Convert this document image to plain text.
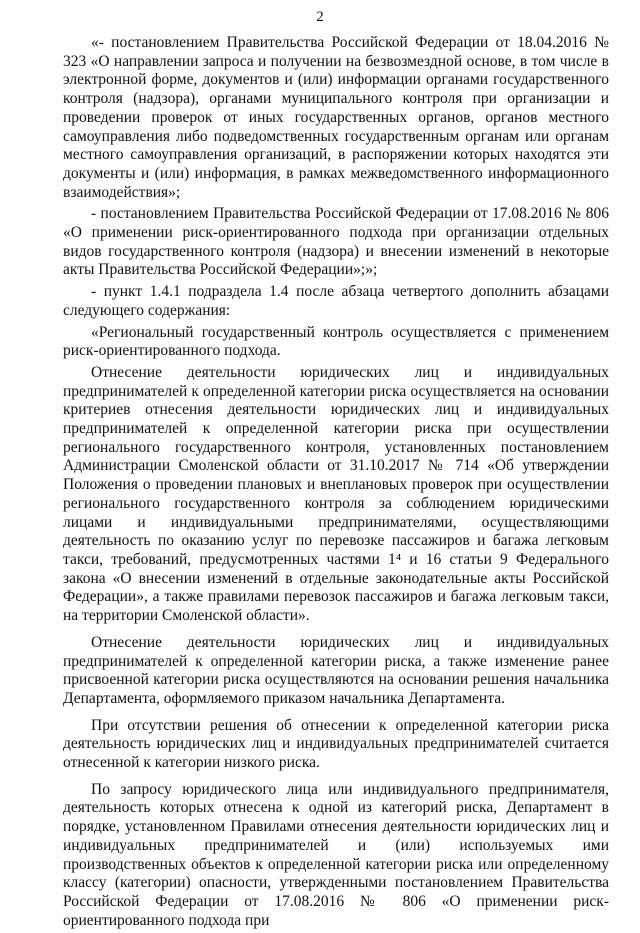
2

«- постановлением Правительства Российской Федерации от 18.04.2016 № 323 «О направлении запроса и получении на безвозмездной основе, в том числе в электронной форме, документов и (или) информации органами государственного контроля (надзора), органами муниципального контроля при организации и проведении проверок от иных государственных органов, органов местного самоуправления либо подведомственных государственным органам или органам местного самоуправления организаций, в распоряжении которых находятся эти документы и (или) информация, в рамках межведомственного информационного взаимодействия»;

- постановлением Правительства Российской Федерации от 17.08.2016 № 806 «О применении риск-ориентированного подхода при организации отдельных видов государственного контроля (надзора) и внесении изменений в некоторые акты Правительства Российской Федерации»;»;

- пункт 1.4.1 подраздела 1.4 после абзаца четвертого дополнить абзацами следующего содержания:

«Региональный государственный контроль осуществляется с применением риск-ориентированного подхода.

Отнесение деятельности юридических лиц и индивидуальных предпринимателей к определенной категории риска осуществляется на основании критериев отнесения деятельности юридических лиц и индивидуальных предпринимателей к определенной категории риска при осуществлении регионального государственного контроля, установленных постановлением Администрации Смоленской области от 31.10.2017 № 714 «Об утверждении Положения о проведении плановых и внеплановых проверок при осуществлении регионального государственного контроля за соблюдением юридическими лицами и индивидуальными предпринимателями, осуществляющими деятельность по оказанию услуг по перевозке пассажиров и багажа легковым такси, требований, предусмотренных частями 1⁴ и 16 статьи 9 Федерального закона «О внесении изменений в отдельные законодательные акты Российской Федерации», а также правилами перевозок пассажиров и багажа легковым такси, на территории Смоленской области».

Отнесение деятельности юридических лиц и индивидуальных предпринимателей к определенной категории риска, а также изменение ранее присвоенной категории риска осуществляются на основании решения начальника Департамента, оформляемого приказом начальника Департамента.

При отсутствии решения об отнесении к определенной категории риска деятельность юридических лиц и индивидуальных предпринимателей считается отнесенной к категории низкого риска.

По запросу юридического лица или индивидуального предпринимателя, деятельность которых отнесена к одной из категорий риска, Департамент в порядке, установленном Правилами отнесения деятельности юридических лиц и индивидуальных предпринимателей и (или) используемых ими производственных объектов к определенной категории риска или определенному классу (категории) опасности, утвержденными постановлением Правительства Российской Федерации от 17.08.2016 № 806 «О применении риск-ориентированного подхода при
